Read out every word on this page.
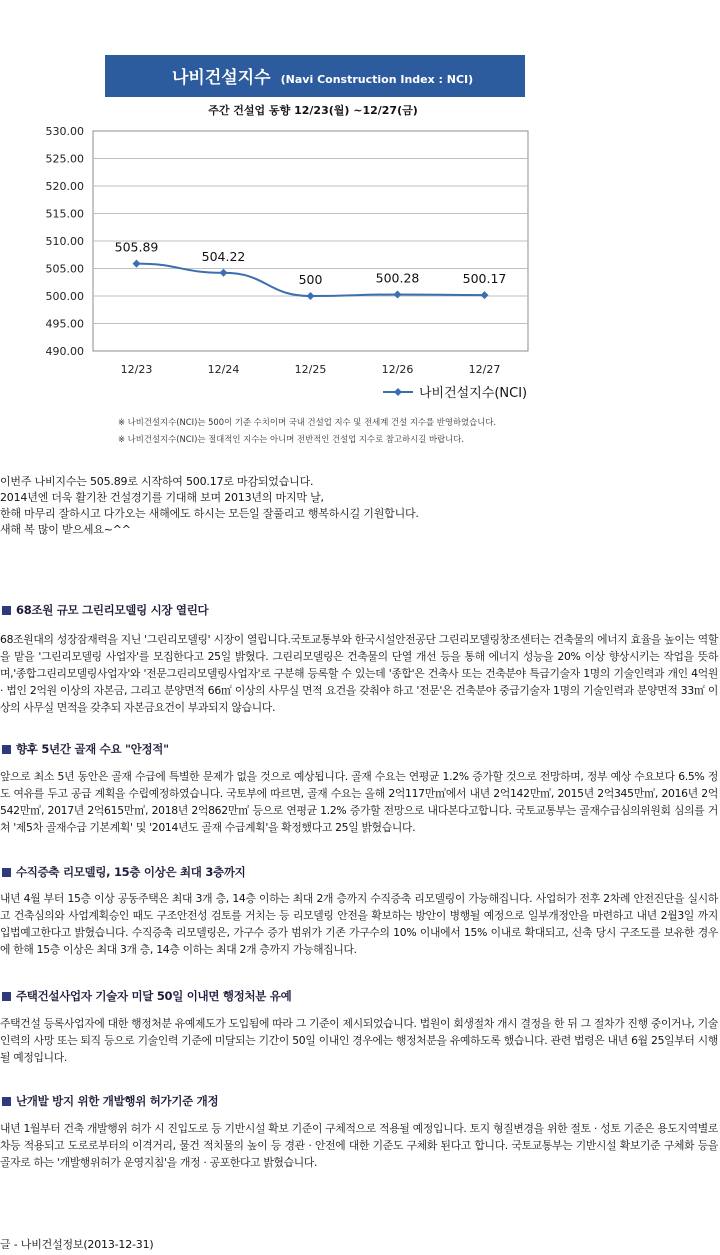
나비건설지수 (Navi Construction Index : NCI)
주간 건설업 동향 12/23(월) ~12/27(금)
490.00
495.00
500.00
505.00
510.00
515.00
520.00
525.00
530.00
12/23	12/24	12/25	12/26	12/27
505.89
504.22
500	500.28	500.17
나비건설지수(NCI)
※ 나비건설지수(NCI)는 500이 기준 수치이며 국내 건설업 지수 및 전세계 건설 지수를 반영하였습니다.
※ 나비건설지수(NCI)는 절대적인 지수는 아니며 전반적인 건설업 지수로 참고하시길 바랍니다.
이번주 나비지수는 505.89로 시작하여 500.17로 마감되었습니다.
2014년엔 더욱 활기찬 건설경기를 기대해 보며 2013년의 마지막 날,
한해 마무리 잘하시고 다가오는 새해에도 하시는 모든일 잘풀리고 행복하시길 기원합니다.
새해 복 많이 받으세요~^^
68조원 규모 그린리모델링 시장 열린다
68조원대의 성장잠재력을 지닌 '그린리모델링' 시장이 열립니다.국토교통부와 한국시설안전공단 그린리모델링창조센터는 건축물의 에너지 효율을 높이는 역할을 맡을 '그린리모델링 사업자'를 모집한다고 25일 밝혔다. 그린리모델링은 건축물의 단열 개선 등을 통해 에너지 성능을 20% 이상 향상시키는 작업을 뜻하며,'종합그린리모델링사업자'와 '전문그린리모델링사업자'로 구분해 등록할 수 있는데 '종합'은 건축사 또는 건축분야 특급기술자 1명의 기술인력과 개인 4억원 · 법인 2억원 이상의 자본금, 그리고 분양면적 66㎡ 이상의 사무실 면적 요건을 갖춰야 하고 '전문'은 건축분야 중급기술자 1명의 기술인력과 분양면적 33㎡ 이상의 사무실 면적을 갖추되 자본금요건이 부과되지 않습니다.
향후 5년간 골재 수요 "안정적"
앞으로 최소 5년 동안은 골재 수급에 특별한 문제가 없을 것으로 예상됩니다. 골재 수요는 연평균 1.2% 증가할 것으로 전망하며, 정부 예상 수요보다 6.5% 정도 여유를 두고 공급 계획을 수립예정하였습니다. 국토부에 따르면, 골재 수요는 올해 2억117만㎥에서 내년 2억142만㎥, 2015년 2억345만㎥, 2016년 2억542만㎥, 2017년 2억615만㎥, 2018년 2억862만㎥ 등으로 연평균 1.2% 증가할 전망으로 내다본다고합니다. 국토교통부는 골재수급심의위원회 심의를 거쳐 '제5차 골재수급 기본계획' 및 '2014년도 골재 수급계획'을 확정했다고 25일 밝혔습니다.
수직증축 리모델링, 15층 이상은 최대 3층까지
내년 4월 부터 15층 이상 공동주택은 최대 3개 층, 14층 이하는 최대 2개 층까지 수직증축 리모델링이 가능해집니다. 사업허가 전후 2차례 안전진단을 실시하고 건축심의와 사업계획승인 때도 구조안전성 검토를 거치는 등 리모델링 안전을 확보하는 방안이 병행될 예정으로 일부개정안을 마련하고 내년 2월3일 까지 입법예고한다고 밝혔습니다. 수직증축 리모델링은, 가구수 증가 범위가 기존 가구수의 10% 이내에서 15% 이내로 확대되고, 신축 당시 구조도를 보유한 경우에 한해 15층 이상은 최대 3개 층, 14층 이하는 최대 2개 층까지 가능해집니다.
주택건설사업자 기술자 미달 50일 이내면 행정처분 유예
주택건설 등록사업자에 대한 행정처분 유예제도가 도입됨에 따라 그 기준이 제시되었습니다. 법원이 회생절차 개시 결정을 한 뒤 그 절차가 진행 중이거나, 기술인력의 사망 또는 퇴직 등으로 기술인력 기준에 미달되는 기간이 50일 이내인 경우에는 행정처분을 유예하도록 했습니다. 관련 법령은 내년 6월 25일부터 시행될 예정입니다.
난개발 방지 위한 개발행위 허가기준 개정
내년 1월부터 건축 개발행위 허가 시 진입도로 등 기반시설 확보 기준이 구체적으로 적용될 예정입니다. 토지 형질변경을 위한 절토 · 성토 기준은 용도지역별로 차등 적용되고 도로로부터의 이격거리, 물건 적치물의 높이 등 경관 · 안전에 대한 기준도 구체화 된다고 합니다. 국토교통부는 기반시설 확보기준 구체화 등을 골자로 하는 '개발행위허가 운영지침'을 개정 · 공포한다고 밝혔습니다.
글 - 나비건설정보(2013-12-31)
